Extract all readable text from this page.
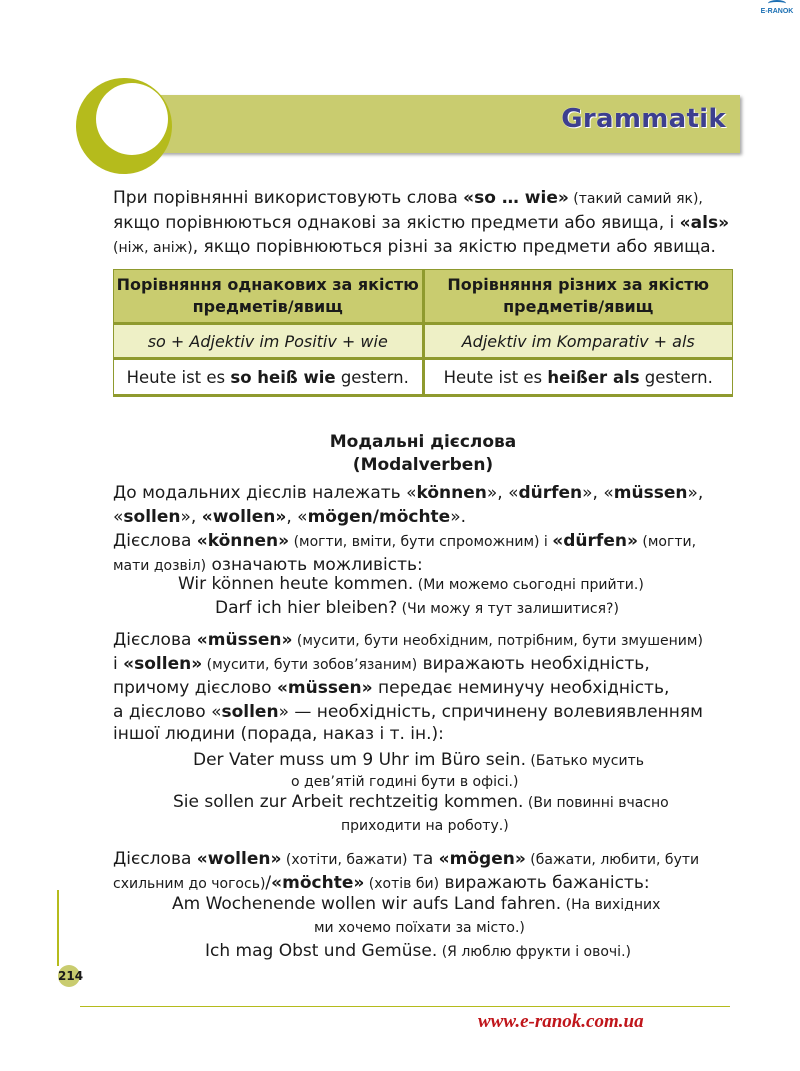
E-RANOK
Grammatik
При порівнянні використовують слова «so … wie» (такий самий як),
якщо порівнюються однакові за якістю предмети або явища, і «als»
(ніж, аніж), якщо порівнюються різні за якістю предмети або явища.
Порівняння однакових за якістю предметів/явищ	Порівняння різних за якістю предметів/явищ
so + Adjektiv im Positiv + wie	Adjektiv im Komparativ + als
Heute ist es so heiß wie gestern.	Heute ist es heißer als gestern.
Модальні дієслова
(Modalverben)
До модальних дієслів належать «können», «dürfen», «müssen»,
«sollen», «wollen», «mögen/möchte».
Дієслова «können» (могти, вміти, бути спроможним) і «dürfen» (могти,
мати дозвіл) означають можливість:
Wir können heute kommen. (Ми можемо сьогодні прийти.)
Darf ich hier bleiben? (Чи можу я тут залишитися?)
Дієслова «müssen» (мусити, бути необхідним, потрібним, бути змушеним)
і «sollen» (мусити, бути зобов’язаним) виражають необхідність,
причому дієслово «müssen» передає неминучу необхідність,
а дієслово «sollen» — необхідність, спричинену волевиявленням
іншої людини (порада, наказ і т. ін.):
Der Vater muss um 9 Uhr im Büro sein. (Батько мусить
о дев’ятій годині бути в офісі.)
Sie sollen zur Arbeit rechtzeitig kommen. (Ви повинні вчасно
приходити на роботу.)
Дієслова «wollen» (хотіти, бажати) та «mögen» (бажати, любити, бути
схильним до чогось)/«möchte» (хотів би) виражають бажаність:
Am Wochenende wollen wir aufs Land fahren. (На вихідних
ми хочемо поїхати за місто.)
Ich mag Obst und Gemüse. (Я люблю фрукти і овочі.)
214
www.e-ranok.com.ua
